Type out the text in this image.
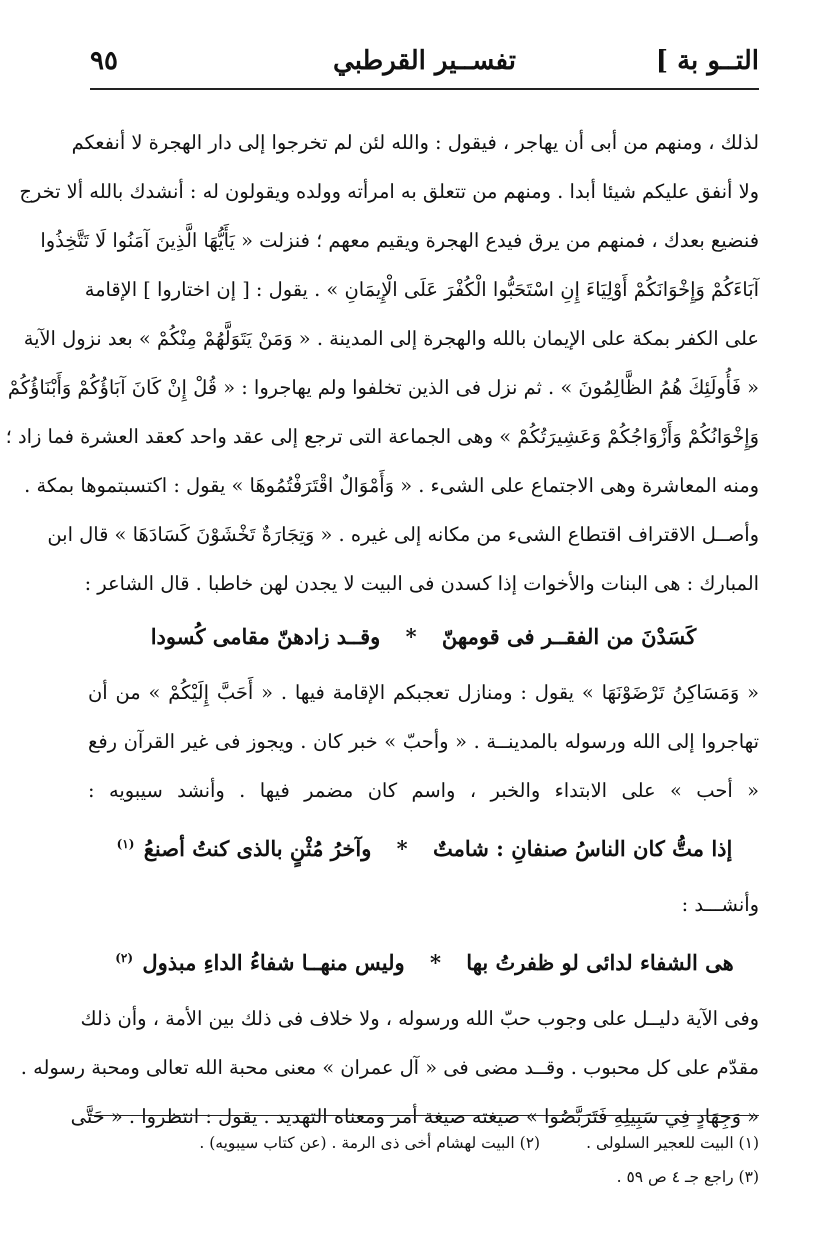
التــو بة ]
تفســير القرطبي
٩٥
لذلك ، ومنهم من أبى أن يهاجر ، فيقول : والله لئن لم تخرجوا إلى دار الهجرة لا أنفعكم
ولا أنفق عليكم شيئا أبدا . ومنهم من تتعلق به امرأته وولده ويقولون له : أنشدك بالله ألا تخرج
فنضيع بعدك ، فمنهم من يرق فيدع الهجرة ويقيم معهم ؛ فنزلت « يَأَيُّهَا الَّذِينَ آمَنُوا لَا تَتَّخِذُوا
آبَاءَكُمْ وَإِخْوَانَكُمْ أَوْلِيَاءَ إِنِ اسْتَحَبُّوا الْكُفْرَ عَلَى الْإِيمَانِ » . يقول : [ إن اختاروا ] الإقامة
على الكفر بمكة على الإيمان بالله والهجرة إلى المدينة . « وَمَنْ يَتَوَلَّهُمْ مِنْكُمْ » بعد نزول الآية
« فَأُولَئِكَ هُمُ الظَّالِمُونَ » . ثم نزل فى الذين تخلفوا ولم يهاجروا : « قُلْ إِنْ كَانَ آبَاؤُكُمْ وَأَبْنَاؤُكُمْ
وَإِخْوَانُكُمْ وَأَزْوَاجُكُمْ وَعَشِيرَتُكُمْ » وهى الجماعة التى ترجع إلى عقد واحد كعقد العشرة فما زاد ؛
ومنه المعاشرة وهى الاجتماع على الشىء . « وَأَمْوَالٌ اقْتَرَفْتُمُوهَا » يقول : اكتسبتموها بمكة .
وأصــل الاقتراف اقتطاع الشىء من مكانه إلى غيره . « وَتِجَارَةٌ تَخْشَوْنَ كَسَادَهَا » قال ابن
المبارك : هى البنات والأخوات إذا كسدن فى البيت لا يجدن لهن خاطبا . قال الشاعر :
كَسَدْنَ من الفقــر فى قومهنّ * وقــد زادهنّ مقامى كُسودا
« وَمَسَاكِنُ تَرْضَوْنَهَا » يقول : ومنازل تعجبكم الإقامة فيها . « أَحَبَّ إِلَيْكُمْ » من أن
تهاجروا إلى الله ورسوله بالمدينــة . « وأحبّ » خبر كان . ويجوز فى غير القرآن رفع
« أحب » على الابتداء والخبر ، واسم كان مضمر فيها . وأنشد سيبويه :
إذا متُّ كان الناسُ صنفانِ : شامتٌ * وآخرُ مُثْنٍ بالذى كنتُ أصنعُ $^{(١)}$
وأنشـــد :
هى الشفاء لدائى لو ظفرتُ بها * وليس منهــا شفاءُ الداءِ مبذول $^{(٢)}$
وفى الآية دليــل على وجوب حبّ الله ورسوله ، ولا خلاف فى ذلك بين الأمة ، وأن ذلك
مقدّم على كل محبوب . وقــد مضى فى « آل عمران » معنى محبة الله تعالى ومحبة رسوله .
« وَجِهَادٍ فِي سَبِيلِهِ فَتَرَبَّصُوا » صيغته صيغة أمر ومعناه التهديد . يقول : انتظروا . « حَتَّى
(١) البيت للعجير السلولى .
(٢) البيت لهشام أخى ذى الرمة . (عن كتاب سيبويه) .
(٣) راجع جـ ٤ ص ٥٩ .
